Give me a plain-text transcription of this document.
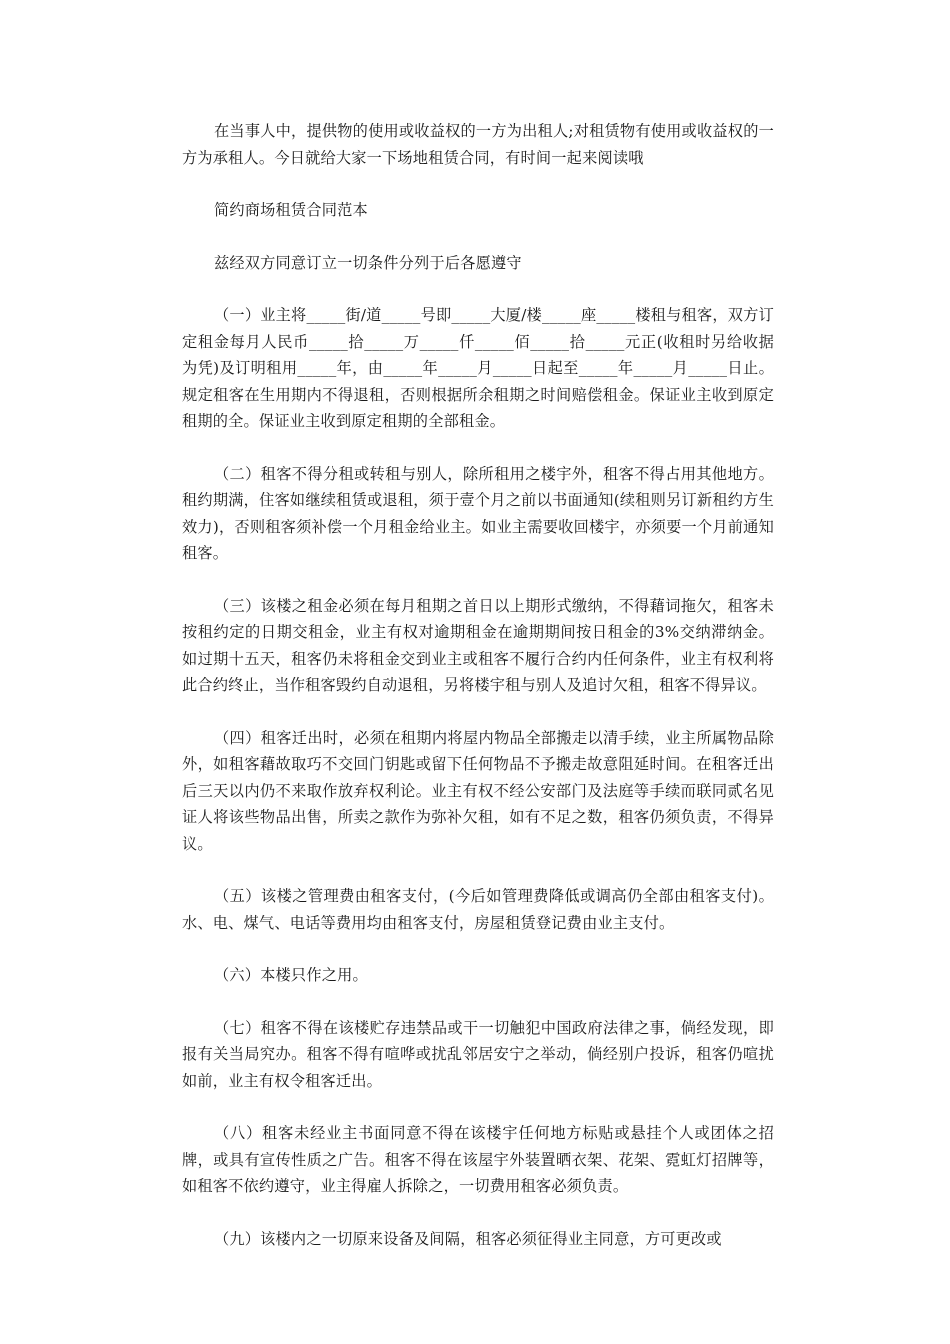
在当事人中，提供物的使用或收益权的一方为出租人;对租赁物有使用或收益权的一方为承租人。今日就给大家一下场地租赁合同，有时间一起来阅读哦

简约商场租赁合同范本

兹经双方同意订立一切条件分列于后各愿遵守

（一）业主将_____街/道_____号即_____大厦/楼_____座_____楼租与租客，双方订定租金每月人民币_____拾_____万_____仟_____佰_____拾_____元正(收租时另给收据为凭)及订明租用_____年，由_____年_____月_____日起至_____年_____月_____日止。规定租客在生用期内不得退租，否则根据所余租期之时间赔偿租金。保证业主收到原定租期的全。保证业主收到原定租期的全部租金。

（二）租客不得分租或转租与别人，除所租用之楼宇外，租客不得占用其他地方。租约期满，住客如继续租赁或退租，须于壹个月之前以书面通知(续租则另订新租约方生效力)，否则租客须补偿一个月租金给业主。如业主需要收回楼宇，亦须要一个月前通知租客。

（三）该楼之租金必须在每月租期之首日以上期形式缴纳，不得藉词拖欠，租客未按租约定的日期交租金，业主有权对逾期租金在逾期期间按日租金的3%交纳滞纳金。如过期十五天，租客仍未将租金交到业主或租客不履行合约内任何条件，业主有权利将此合约终止，当作租客毁约自动退租，另将楼宇租与别人及追讨欠租，租客不得异议。

（四）租客迁出时，必须在租期内将屋内物品全部搬走以清手续，业主所属物品除外，如租客藉故取巧不交回门钥匙或留下任何物品不予搬走故意阻延时间。在租客迁出后三天以内仍不来取作放弃权利论。业主有权不经公安部门及法庭等手续而联同贰名见证人将该些物品出售，所卖之款作为弥补欠租，如有不足之数，租客仍须负责，不得异议。

（五）该楼之管理费由租客支付，(今后如管理费降低或调高仍全部由租客支付)。水、电、煤气、电话等费用均由租客支付，房屋租赁登记费由业主支付。

（六）本楼只作之用。

（七）租客不得在该楼贮存违禁品或干一切触犯中国政府法律之事，倘经发现，即报有关当局究办。租客不得有喧哗或扰乱邻居安宁之举动，倘经别户投诉，租客仍喧扰如前，业主有权令租客迁出。

（八）租客未经业主书面同意不得在该楼宇任何地方标贴或悬挂个人或团体之招牌，或具有宣传性质之广告。租客不得在该屋宇外装置晒衣架、花架、霓虹灯招牌等，如租客不依约遵守，业主得雇人拆除之，一切费用租客必须负责。

（九）该楼内之一切原来设备及间隔，租客必须征得业主同意，方可更改或
